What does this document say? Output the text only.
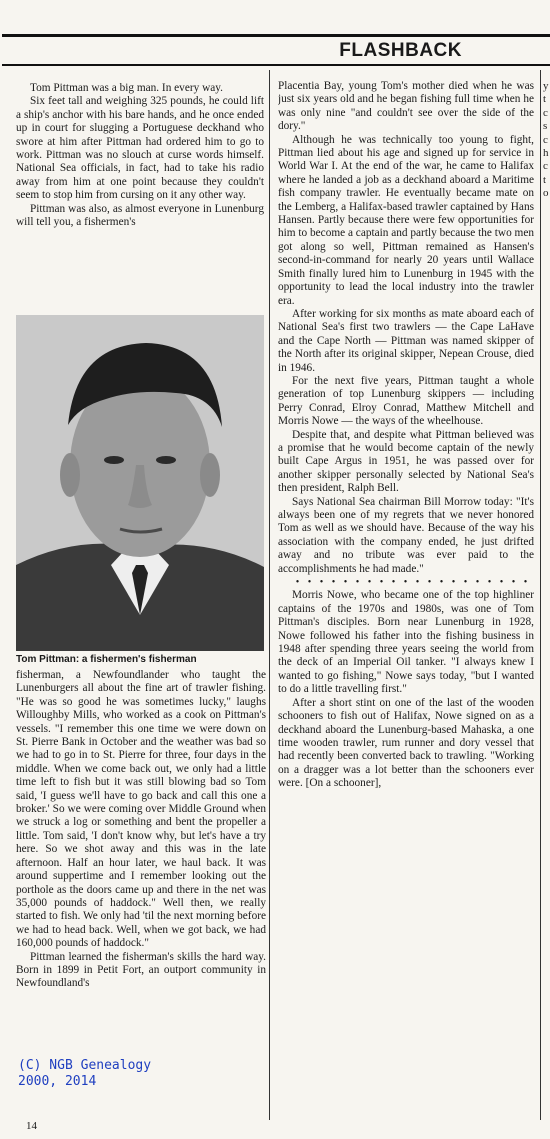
FLASHBACK

Tom Pittman was a big man. In every way.

Six feet tall and weighing 325 pounds, he could lift a ship's anchor with his bare hands, and he once ended up in court for slugging a Portuguese deckhand who swore at him after Pittman had ordered him to go to work. Pittman was no slouch at curse words himself. National Sea officials, in fact, had to take his radio away from him at one point because they couldn't seem to stop him from cursing on it any other way.

Pittman was also, as almost everyone in Lunenburg will tell you, a fishermen's

Tom Pittman: a fishermen's fisherman

fisherman, a Newfoundlander who taught the Lunenburgers all about the fine art of trawler fishing. "He was so good he was sometimes lucky," laughs Willoughby Mills, who worked as a cook on Pittman's vessels. "I remember this one time we were down on St. Pierre Bank in October and the weather was bad so we had to go in to St. Pierre for three, four days in the middle. When we come back out, we only had a little time left to fish but it was still blowing bad so Tom said, 'I guess we'll have to go back and call this one a broker.' So we were coming over Middle Ground when we struck a log or something and bent the propeller a little. Tom said, 'I don't know why, but let's have a try here. So we shot away and this was in the late afternoon. Half an hour later, we haul back. It was around suppertime and I remember looking out the porthole as the doors came up and there in the net was 35,000 pounds of haddock." Well then, we really started to fish. We only had 'til the next morning before we had to head back. Well, when we got back, we had 160,000 pounds of haddock."

Pittman learned the fisherman's skills the hard way. Born in 1899 in Petit Fort, an outport community in Newfoundland's

Placentia Bay, young Tom's mother died when he was just six years old and he began fishing full time when he was only nine "and couldn't see over the side of the dory."

Although he was technically too young to fight, Pittman lied about his age and signed up for service in World War I. At the end of the war, he came to Halifax where he landed a job as a deckhand aboard a Maritime fish company trawler. He eventually became mate on the Lemberg, a Halifax-based trawler captained by Hans Hansen. Partly because there were few opportunities for him to become a captain and partly because the two men got along so well, Pittman remained as Hansen's second-in-command for nearly 20 years until Wallace Smith finally lured him to Lunenburg in 1945 with the opportunity to lead the local industry into the trawler era.

After working for six months as mate aboard each of National Sea's first two trawlers — the Cape LaHave and the Cape North — Pittman was named skipper of the North after its original skipper, Nepean Crouse, died in 1946.

For the next five years, Pittman taught a whole generation of top Lunenburg skippers — including Perry Conrad, Elroy Conrad, Matthew Mitchell and Morris Nowe — the ways of the wheelhouse.

Despite that, and despite what Pittman believed was a promise that he would become captain of the newly built Cape Argus in 1951, he was passed over for another skipper personally selected by National Sea's then president, Ralph Bell.

Says National Sea chairman Bill Morrow today: "It's always been one of my regrets that we never honored Tom as well as we should have. Because of the way his association with the company ended, he just drifted away and no tribute was ever paid to the accomplishments he had made."

• • • • • • • • • • • • • • • • • • • •

Morris Nowe, who became one of the top highliner captains of the 1970s and 1980s, was one of Tom Pittman's disciples. Born near Lunenburg in 1928, Nowe followed his father into the fishing business in 1948 after spending three years seeing the world from the deck of an Imperial Oil tanker. "I always knew I wanted to go fishing," Nowe says today, "but I wanted to do a little travelling first."

After a short stint on one of the last of the wooden schooners to fish out of Halifax, Nowe signed on as a deckhand aboard the Lunenburg-based Mahaska, a one time wooden trawler, rum runner and dory vessel that had recently been converted back to trawling. "Working on a dragger was a lot better than the schooners ever were. [On a schooner],

y
t
c
s
c
h
c
t
o
(C) NGB Genealogy
2000, 2014
14
